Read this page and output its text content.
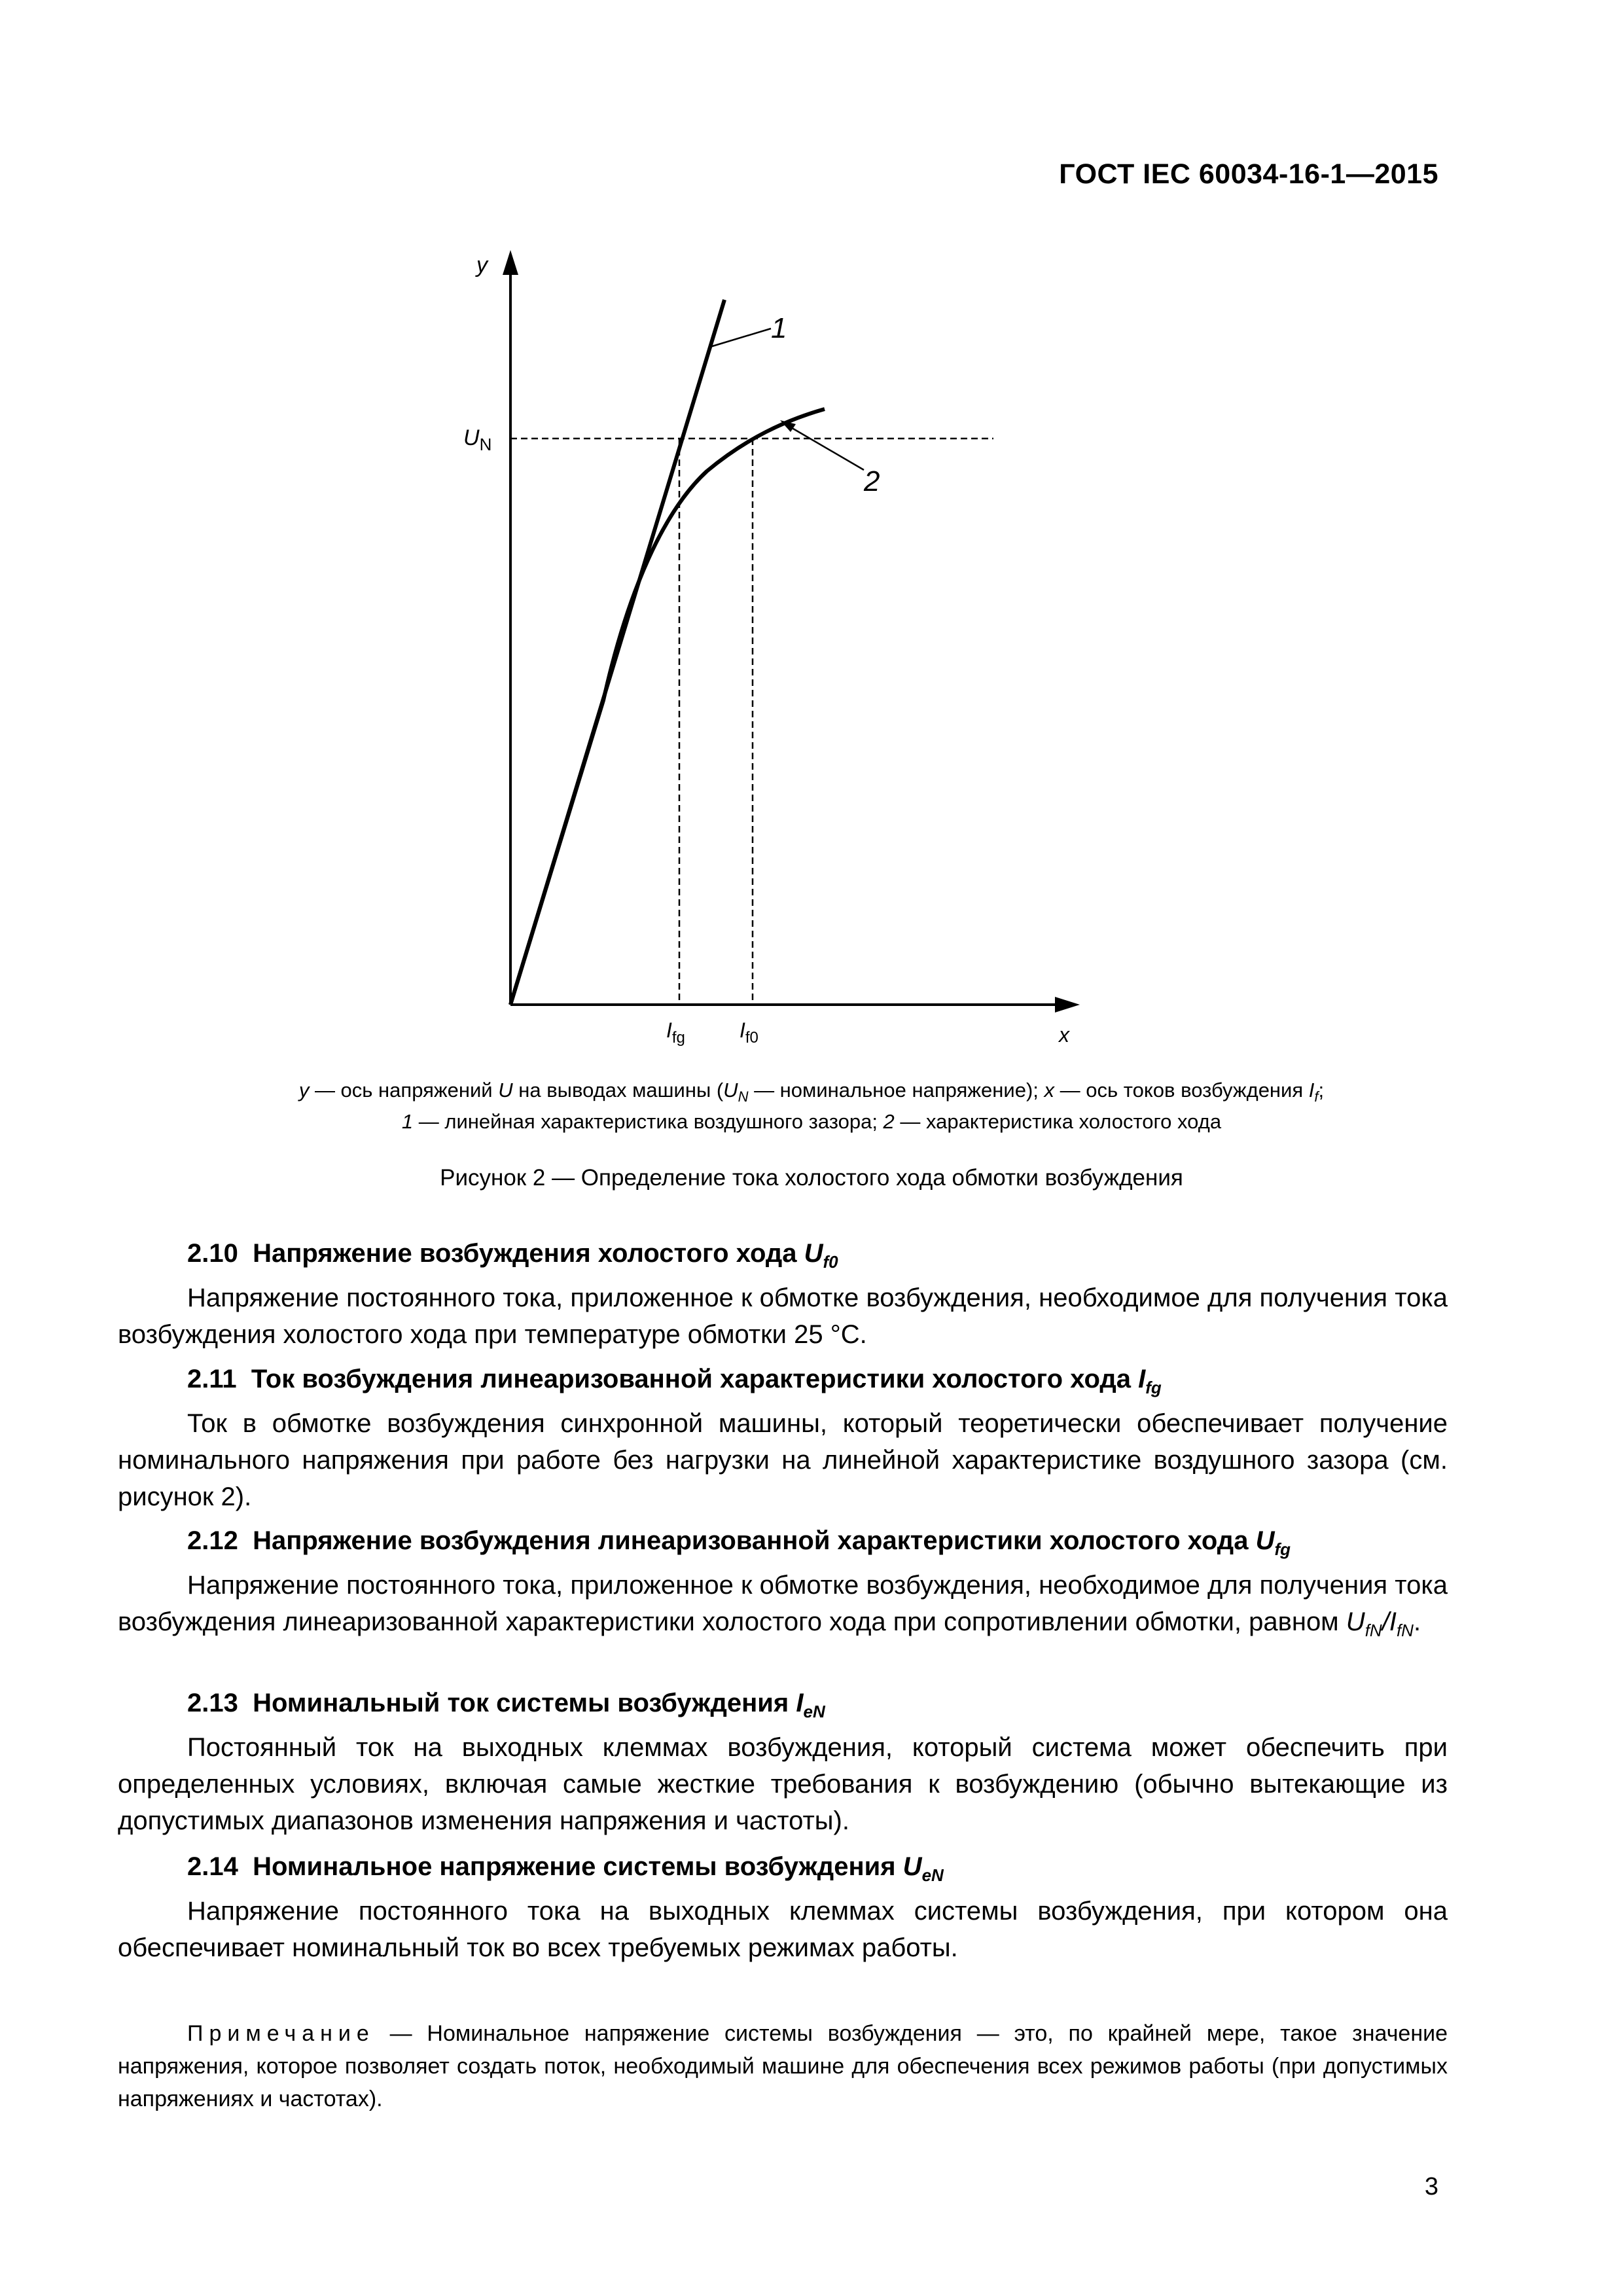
ГОСТ IEC 60034-16-1—2015
y
x
$U_N$
$I_{fg}$	$I_{f0}$
1
2
y — ось напряжений U на выводах машины ($U_N$ — номинальное напряжение); x — ось токов возбуждения $I_f$;
1 — линейная характеристика воздушного зазора; 2 — характеристика холостого хода
Рисунок 2 — Определение тока холостого хода обмотки возбуждения
2.10 Напряжение возбуждения холостого хода $U_{f0}$

Напряжение постоянного тока, приложенное к обмотке возбуждения, необходимое для получения тока возбуждения холостого хода при температуре обмотки 25 °С.

2.11 Ток возбуждения линеаризованной характеристики холостого хода $I_{fg}$

Ток в обмотке возбуждения синхронной машины, который теоретически обеспечивает получение номинального напряжения при работе без нагрузки на линейной характеристике воздушного зазора (см. рисунок 2).

2.12 Напряжение возбуждения линеаризованной характеристики холостого хода $U_{fg}$

Напряжение постоянного тока, приложенное к обмотке возбуждения, необходимое для получения тока возбуждения линеаризованной характеристики холостого хода при сопротивлении обмотки, равном $U_{fN}/I_{fN}$.

2.13 Номинальный ток системы возбуждения $I_{eN}$

Постоянный ток на выходных клеммах возбуждения, который система может обеспечить при определенных условиях, включая самые жесткие требования к возбуждению (обычно вытекающие из допустимых диапазонов изменения напряжения и частоты).

2.14 Номинальное напряжение системы возбуждения $U_{eN}$

Напряжение постоянного тока на выходных клеммах системы возбуждения, при котором она обеспечивает номинальный ток во всех требуемых режимах работы.

Примечание — Номинальное напряжение системы возбуждения — это, по крайней мере, такое значение напряжения, которое позволяет создать поток, необходимый машине для обеспечения всех режимов работы (при допустимых напряжениях и частотах).
3
